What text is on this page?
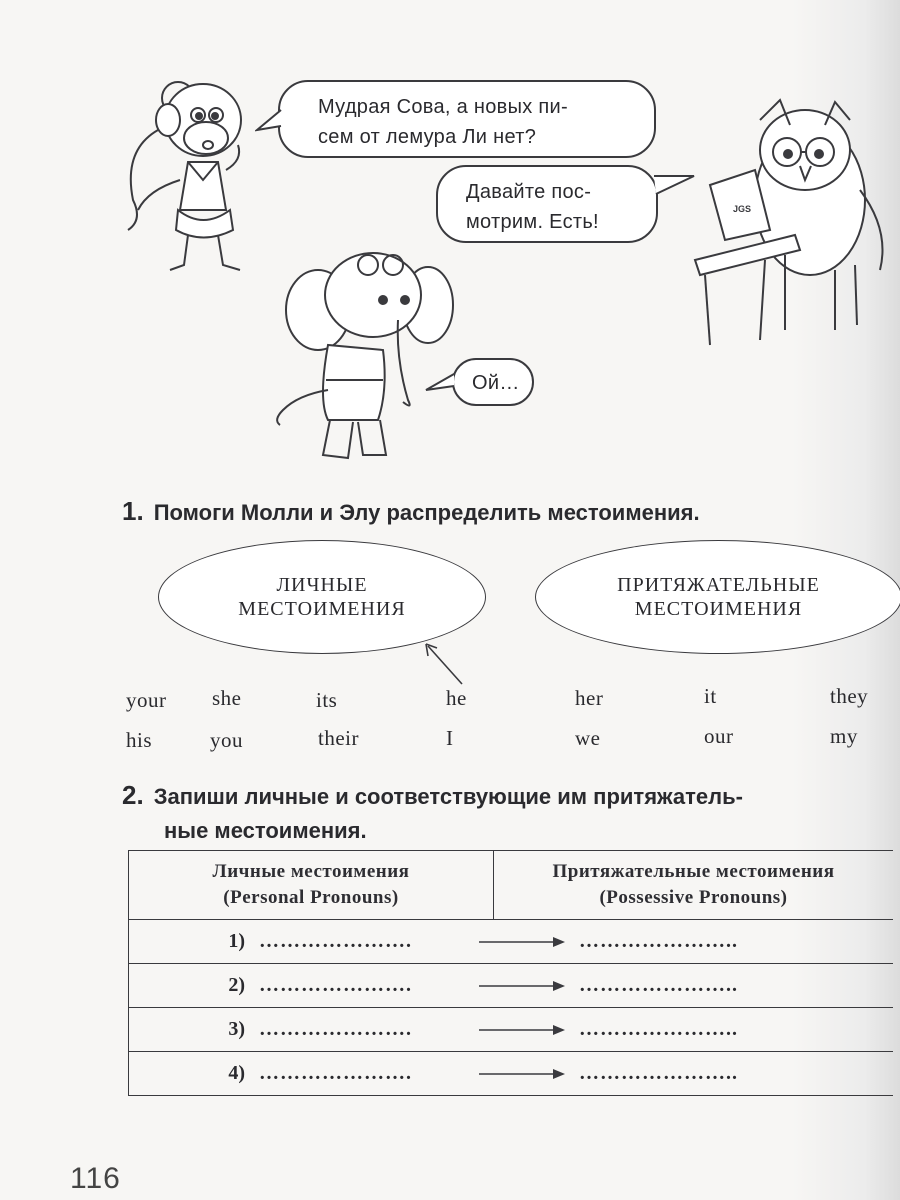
Мудрая Сова, а новых пи-
сем от лемура Ли нет?
Давайте пос-
мотрим. Есть!
JGS
Ой…
1. Помоги Молли и Элу распределить местоимения.
ЛИЧНЫЕ
МЕСТОИМЕНИЯ
ПРИТЯЖАТЕЛЬНЫЕ
МЕСТОИМЕНИЯ
your she	its	he	her	it	they
his	you	their	I	we	our	my
2. Запиши личные и соответствующие им притяжатель-
ные местоимения.
Личные местоимения
(Personal Pronouns)

Притяжательные местоимения
(Possessive Pronouns)

1) ………………….	…………………..

2) ………………….	…………………..

3) ………………….	…………………..

4) ………………….	…………………..
116
